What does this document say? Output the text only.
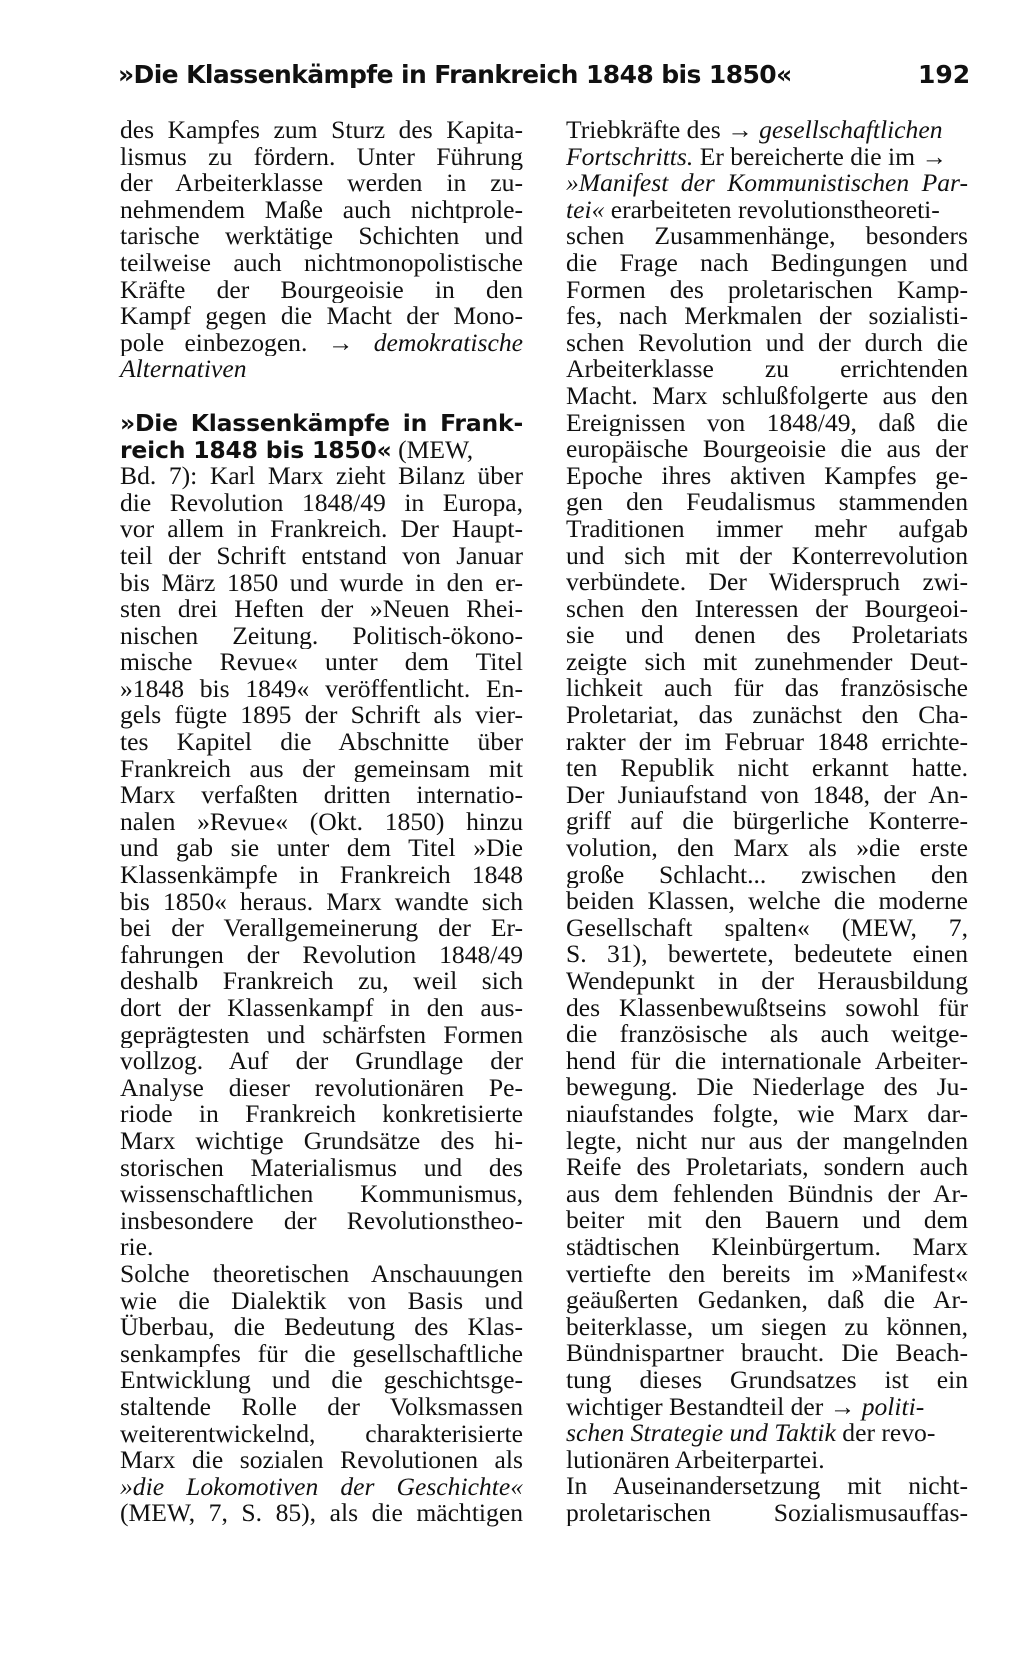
»Die Klassenkämpfe in Frankreich 1848 bis 1850«	192
des Kampfes zum Sturz des Kapita-
lismus zu fördern. Unter Führung
der Arbeiterklasse werden in zu-
nehmendem Maße auch nichtprole-
tarische werktätige Schichten und
teilweise auch nichtmonopolistische
Kräfte der Bourgeoisie in den
Kampf gegen die Macht der Mono-
pole einbezogen. → demokratische
Alternativen
»Die Klassenkämpfe in Frank-
reich 1848 bis 1850« (MEW,
Bd. 7): Karl Marx zieht Bilanz über
die Revolution 1848/49 in Europa,
vor allem in Frankreich. Der Haupt-
teil der Schrift entstand von Januar
bis März 1850 und wurde in den er-
sten drei Heften der »Neuen Rhei-
nischen Zeitung. Politisch-ökono-
mische Revue« unter dem Titel
»1848 bis 1849« veröffentlicht. En-
gels fügte 1895 der Schrift als vier-
tes Kapitel die Abschnitte über
Frankreich aus der gemeinsam mit
Marx verfaßten dritten internatio-
nalen »Revue« (Okt. 1850) hinzu
und gab sie unter dem Titel »Die
Klassenkämpfe in Frankreich 1848
bis 1850« heraus. Marx wandte sich
bei der Verallgemeinerung der Er-
fahrungen der Revolution 1848/49
deshalb Frankreich zu, weil sich
dort der Klassenkampf in den aus-
geprägtesten und schärfsten Formen
vollzog. Auf der Grundlage der
Analyse dieser revolutionären Pe-
riode in Frankreich konkretisierte
Marx wichtige Grundsätze des hi-
storischen Materialismus und des
wissenschaftlichen Kommunismus,
insbesondere der Revolutionstheo-
rie.
Solche theoretischen Anschauungen
wie die Dialektik von Basis und
Überbau, die Bedeutung des Klas-
senkampfes für die gesellschaftliche
Entwicklung und die geschichtsge-
staltende Rolle der Volksmassen
weiterentwickelnd, charakterisierte
Marx die sozialen Revolutionen als
»die Lokomotiven der Geschichte«
(MEW, 7, S. 85), als die mächtigen
Triebkräfte des → gesellschaftlichen
Fortschritts. Er bereicherte die im →
»Manifest der Kommunistischen Par-
tei« erarbeiteten revolutionstheoreti-
schen Zusammenhänge, besonders
die Frage nach Bedingungen und
Formen des proletarischen Kamp-
fes, nach Merkmalen der sozialisti-
schen Revolution und der durch die
Arbeiterklasse zu errichtenden
Macht. Marx schlußfolgerte aus den
Ereignissen von 1848/49, daß die
europäische Bourgeoisie die aus der
Epoche ihres aktiven Kampfes ge-
gen den Feudalismus stammenden
Traditionen immer mehr aufgab
und sich mit der Konterrevolution
verbündete. Der Widerspruch zwi-
schen den Interessen der Bourgeoi-
sie und denen des Proletariats
zeigte sich mit zunehmender Deut-
lichkeit auch für das französische
Proletariat, das zunächst den Cha-
rakter der im Februar 1848 errichte-
ten Republik nicht erkannt hatte.
Der Juniaufstand von 1848, der An-
griff auf die bürgerliche Konterre-
volution, den Marx als »die erste
große Schlacht... zwischen den
beiden Klassen, welche die moderne
Gesellschaft spalten« (MEW, 7,
S. 31), bewertete, bedeutete einen
Wendepunkt in der Herausbildung
des Klassenbewußtseins sowohl für
die französische als auch weitge-
hend für die internationale Arbeiter-
bewegung. Die Niederlage des Ju-
niaufstandes folgte, wie Marx dar-
legte, nicht nur aus der mangelnden
Reife des Proletariats, sondern auch
aus dem fehlenden Bündnis der Ar-
beiter mit den Bauern und dem
städtischen Kleinbürgertum. Marx
vertiefte den bereits im »Manifest«
geäußerten Gedanken, daß die Ar-
beiterklasse, um siegen zu können,
Bündnispartner braucht. Die Beach-
tung dieses Grundsatzes ist ein
wichtiger Bestandteil der → politi-
schen Strategie und Taktik der revo-
lutionären Arbeiterpartei.
In Auseinandersetzung mit nicht-
proletarischen Sozialismusauffas-
